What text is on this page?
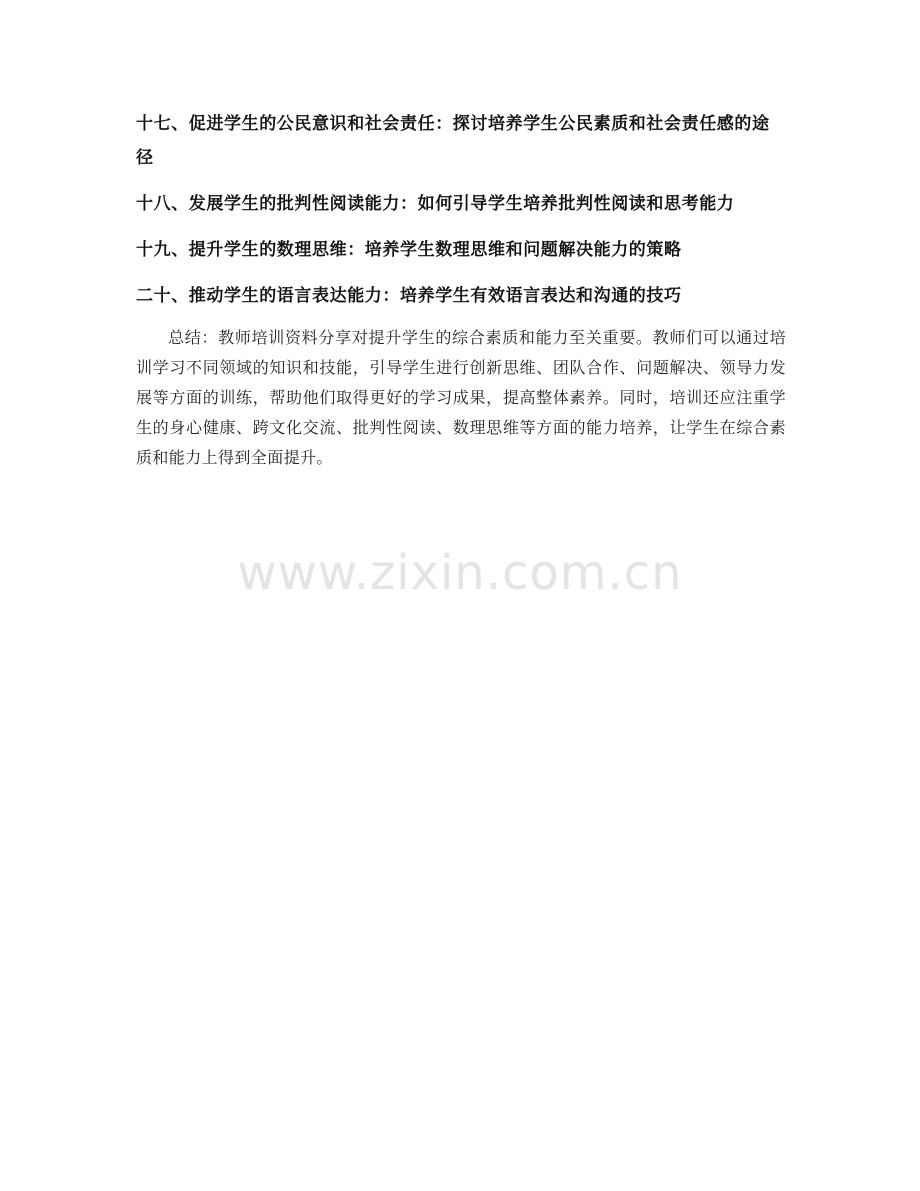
十七、促进学生的公民意识和社会责任：探讨培养学生公民素质和社会责任感的途径
十八、发展学生的批判性阅读能力：如何引导学生培养批判性阅读和思考能力
十九、提升学生的数理思维：培养学生数理思维和问题解决能力的策略
二十、推动学生的语言表达能力：培养学生有效语言表达和沟通的技巧

总结：教师培训资料分享对提升学生的综合素质和能力至关重要。教师们可以通过培训学习不同领域的知识和技能，引导学生进行创新思维、团队合作、问题解决、领导力发展等方面的训练，帮助他们取得更好的学习成果，提高整体素养。同时，培训还应注重学生的身心健康、跨文化交流、批判性阅读、数理思维等方面的能力培养，让学生在综合素质和能力上得到全面提升。

www.zixin.com.cn
